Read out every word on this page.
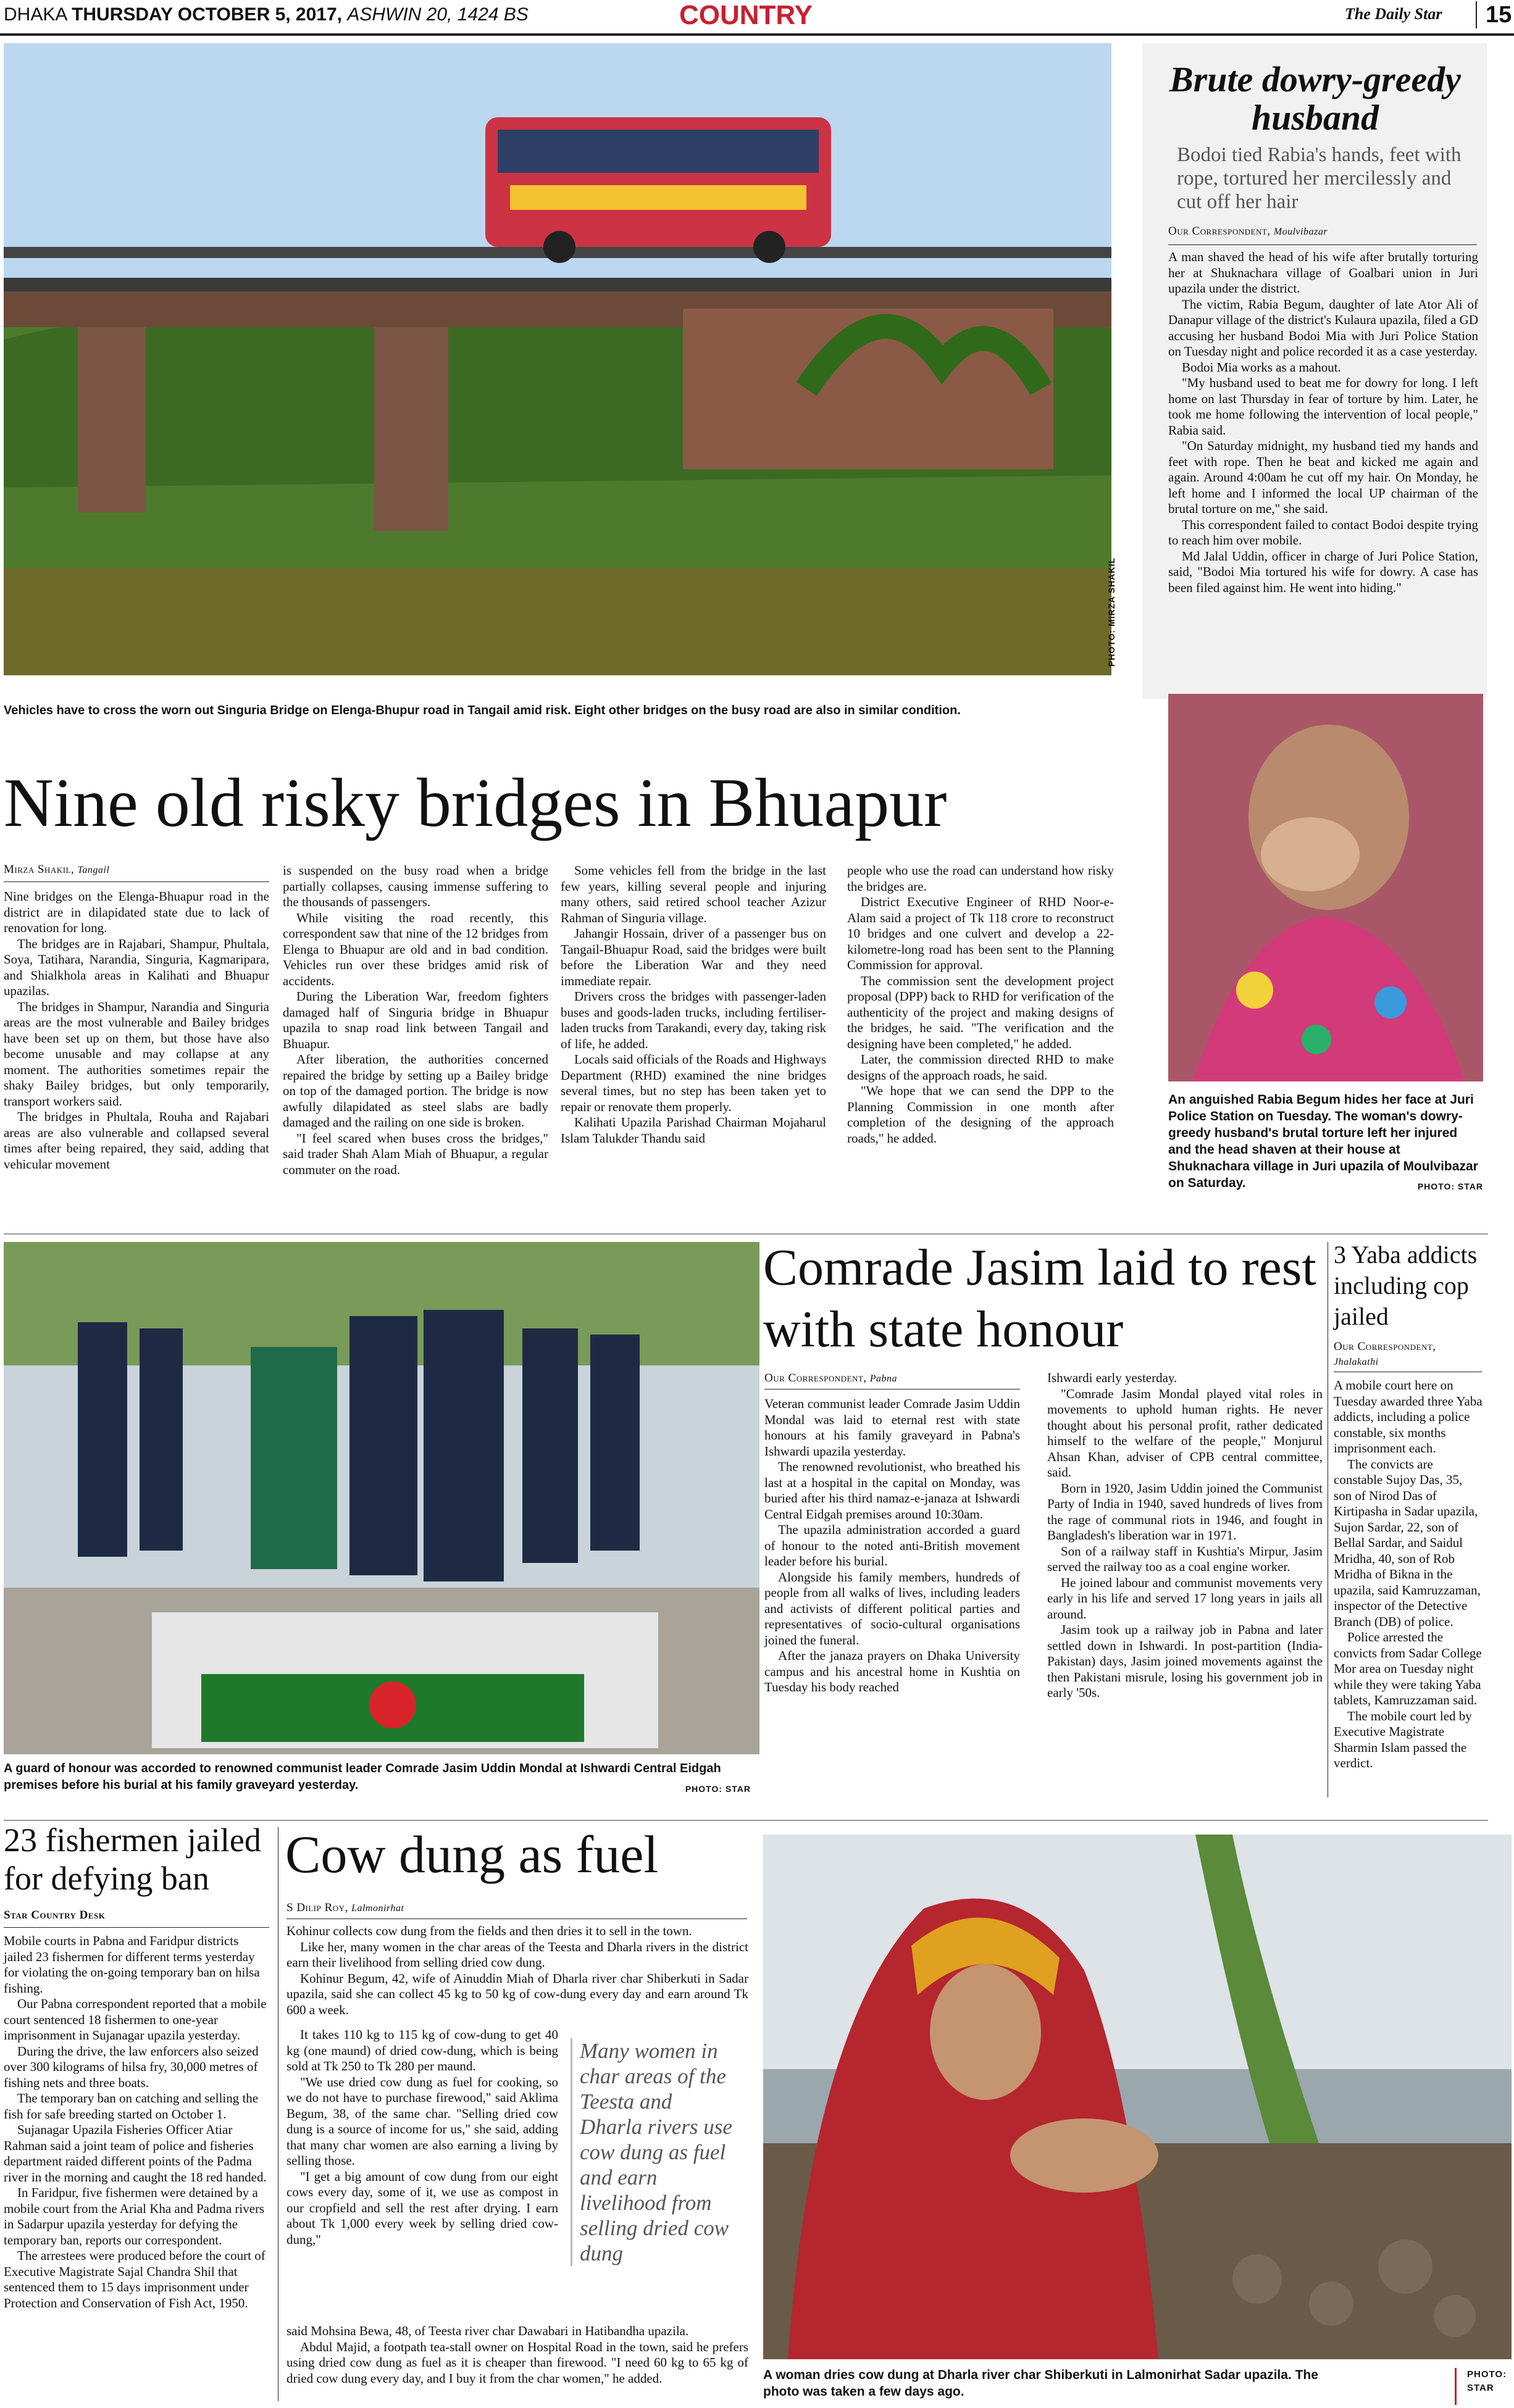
DHAKA THURSDAY OCTOBER 5, 2017, ASHWIN 20, 1424 BS	COUNTRY	The Daily Star	15
PHOTO: MIRZA SHAKIL
Vehicles have to cross the worn out Singuria Bridge on Elenga-Bhupur road in Tangail amid risk. Eight other bridges on the busy road are also in similar condition.
Brute dowry-greedy husband
Bodoi tied Rabia's hands, feet with rope, tortured her mercilessly and cut off her hair
Our Correspondent, Moulvibazar

A man shaved the head of his wife after brutally torturing her at Shuknachara village of Goalbari union in Juri upazila under the district.

The victim, Rabia Begum, daughter of late Ator Ali of Danapur village of the district's Kulaura upazila, filed a GD accusing her husband Bodoi Mia with Juri Police Station on Tuesday night and police recorded it as a case yesterday.

Bodoi Mia works as a mahout.

"My husband used to beat me for dowry for long. I left home on last Thursday in fear of torture by him. Later, he took me home following the intervention of local people," Rabia said.

"On Saturday midnight, my husband tied my hands and feet with rope. Then he beat and kicked me again and again. Around 4:00am he cut off my hair. On Monday, he left home and I informed the local UP chairman of the brutal torture on me," she said.

This correspondent failed to contact Bodoi despite trying to reach him over mobile.

Md Jalal Uddin, officer in charge of Juri Police Station, said, "Bodoi Mia tortured his wife for dowry. A case has been filed against him. He went into hiding."

An anguished Rabia Begum hides her face at Juri Police Station on Tuesday. The woman's dowry-greedy husband's brutal torture left her injured and the head shaven at their house at Shuknachara village in Juri upazila of Moulvibazar on Saturday.	PHOTO: STAR
Nine old risky bridges in Bhuapur
Mirza Shakil, Tangail

Nine bridges on the Elenga-Bhuapur road in the district are in dilapidated state due to lack of renovation for long.

The bridges are in Rajabari, Shampur, Phultala, Soya, Tatihara, Narandia, Singuria, Kagmaripara, and Shialkhola areas in Kalihati and Bhuapur upazilas.

The bridges in Shampur, Narandia and Singuria areas are the most vulnerable and Bailey bridges have been set up on them, but those have also become unusable and may collapse at any moment. The authorities sometimes repair the shaky Bailey bridges, but only temporarily, transport workers said.

The bridges in Phultala, Rouha and Rajabari areas are also vulnerable and collapsed several times after being repaired, they said, adding that vehicular movement

is suspended on the busy road when a bridge partially collapses, causing immense suffering to the thousands of passengers.

While visiting the road recently, this correspondent saw that nine of the 12 bridges from Elenga to Bhuapur are old and in bad condition. Vehicles run over these bridges amid risk of accidents.

During the Liberation War, freedom fighters damaged half of Singuria bridge in Bhuapur upazila to snap road link between Tangail and Bhuapur.

After liberation, the authorities concerned repaired the bridge by setting up a Bailey bridge on top of the damaged portion. The bridge is now awfully dilapidated as steel slabs are badly damaged and the railing on one side is broken.

"I feel scared when buses cross the bridges," said trader Shah Alam Miah of Bhuapur, a regular commuter on the road.

Some vehicles fell from the bridge in the last few years, killing several people and injuring many others, said retired school teacher Azizur Rahman of Singuria village.

Jahangir Hossain, driver of a passenger bus on Tangail-Bhuapur Road, said the bridges were built before the Liberation War and they need immediate repair.

Drivers cross the bridges with passenger-laden buses and goods-laden trucks, including fertiliser-laden trucks from Tarakandi, every day, taking risk of life, he added.

Locals said officials of the Roads and Highways Department (RHD) examined the nine bridges several times, but no step has been taken yet to repair or renovate them properly.

Kalihati Upazila Parishad Chairman Mojaharul Islam Talukder Thandu said

people who use the road can understand how risky the bridges are.

District Executive Engineer of RHD Noor-e-Alam said a project of Tk 118 crore to reconstruct 10 bridges and one culvert and develop a 22-kilometre-long road has been sent to the Planning Commission for approval.

The commission sent the development project proposal (DPP) back to RHD for verification of the authenticity of the project and making designs of the bridges, he said. "The verification and the designing have been completed," he added.

Later, the commission directed RHD to make designs of the approach roads, he said.

"We hope that we can send the DPP to the Planning Commission in one month after completion of the designing of the approach roads," he added.

A guard of honour was accorded to renowned communist leader Comrade Jasim Uddin Mondal at Ishwardi Central Eidgah premises before his burial at his family graveyard yesterday.	PHOTO: STAR
Comrade Jasim laid to rest with state honour
Our Correspondent, Pabna

Veteran communist leader Comrade Jasim Uddin Mondal was laid to eternal rest with state honours at his family graveyard in Pabna's Ishwardi upazila yesterday.

The renowned revolutionist, who breathed his last at a hospital in the capital on Monday, was buried after his third namaz-e-janaza at Ishwardi Central Eidgah premises around 10:30am.

The upazila administration accorded a guard of honour to the noted anti-British movement leader before his burial.

Alongside his family members, hundreds of people from all walks of lives, including leaders and activists of different political parties and representatives of socio-cultural organisations joined the funeral.

After the janaza prayers on Dhaka University campus and his ancestral home in Kushtia on Tuesday his body reached

Ishwardi early yesterday.

"Comrade Jasim Mondal played vital roles in movements to uphold human rights. He never thought about his personal profit, rather dedicated himself to the welfare of the people," Monjurul Ahsan Khan, adviser of CPB central committee, said.

Born in 1920, Jasim Uddin joined the Communist Party of India in 1940, saved hundreds of lives from the rage of communal riots in 1946, and fought in Bangladesh's liberation war in 1971.

Son of a railway staff in Kushtia's Mirpur, Jasim served the railway too as a coal engine worker.

He joined labour and communist movements very early in his life and served 17 long years in jails all around.

Jasim took up a railway job in Pabna and later settled down in Ishwardi. In post-partition (India-Pakistan) days, Jasim joined movements against the then Pakistani misrule, losing his government job in early '50s.

3 Yaba addicts including cop jailed
Our Correspondent,
Jhalakathi

A mobile court here on Tuesday awarded three Yaba addicts, including a police constable, six months imprisonment each.

The convicts are constable Sujoy Das, 35, son of Nirod Das of Kirtipasha in Sadar upazila, Sujon Sardar, 22, son of Bellal Sardar, and Saidul Mridha, 40, son of Rob Mridha of Bikna in the upazila, said Kamruzzaman, inspector of the Detective Branch (DB) of police.

Police arrested the convicts from Sadar College Mor area on Tuesday night while they were taking Yaba tablets, Kamruzzaman said.

The mobile court led by Executive Magistrate Sharmin Islam passed the verdict.

23 fishermen jailed for defying ban
Star Country Desk

Mobile courts in Pabna and Faridpur districts jailed 23 fishermen for different terms yesterday for violating the on-going temporary ban on hilsa fishing.

Our Pabna correspondent reported that a mobile court sentenced 18 fishermen to one-year imprisonment in Sujanagar upazila yesterday.

During the drive, the law enforcers also seized over 300 kilograms of hilsa fry, 30,000 metres of fishing nets and three boats.

The temporary ban on catching and selling the fish for safe breeding started on October 1.

Sujanagar Upazila Fisheries Officer Atiar Rahman said a joint team of police and fisheries department raided different points of the Padma river in the morning and caught the 18 red handed.

In Faridpur, five fishermen were detained by a mobile court from the Arial Kha and Padma rivers in Sadarpur upazila yesterday for defying the temporary ban, reports our correspondent.

The arrestees were produced before the court of Executive Magistrate Sajal Chandra Shil that sentenced them to 15 days imprisonment under Protection and Conservation of Fish Act, 1950.

Cow dung as fuel
S Dilip Roy, Lalmonirhat

Kohinur collects cow dung from the fields and then dries it to sell in the town.

Like her, many women in the char areas of the Teesta and Dharla rivers in the district earn their livelihood from selling dried cow dung.

Kohinur Begum, 42, wife of Ainuddin Miah of Dharla river char Shiberkuti in Sadar upazila, said she can collect 45 kg to 50 kg of cow-dung every day and earn around Tk 600 a week.

It takes 110 kg to 115 kg of cow-dung to get 40 kg (one maund) of dried cow-dung, which is being sold at Tk 250 to Tk 280 per maund.

"We use dried cow dung as fuel for cooking, so we do not have to purchase firewood," said Aklima Begum, 38, of the same char. "Selling dried cow dung is a source of income for us," she said, adding that many char women are also earning a living by selling those.

"I get a big amount of cow dung from our eight cows every day, some of it, we use as compost in our cropfield and sell the rest after drying. I earn about Tk 1,000 every week by selling dried cow-dung,"

Many women in char areas of the Teesta and Dharla rivers use cow dung as fuel and earn livelihood from selling dried cow dung

said Mohsina Bewa, 48, of Teesta river char Dawabari in Hatibandha upazila.

Abdul Majid, a footpath tea-stall owner on Hospital Road in the town, said he prefers using dried cow dung as fuel as it is cheaper than firewood. "I need 60 kg to 65 kg of dried cow dung every day, and I buy it from the char women," he added.	A woman dries cow dung at Dharla river char Shiberkuti in Lalmonirhat Sadar upazila. The photo was taken a few days ago.
PHOTO:
STAR
